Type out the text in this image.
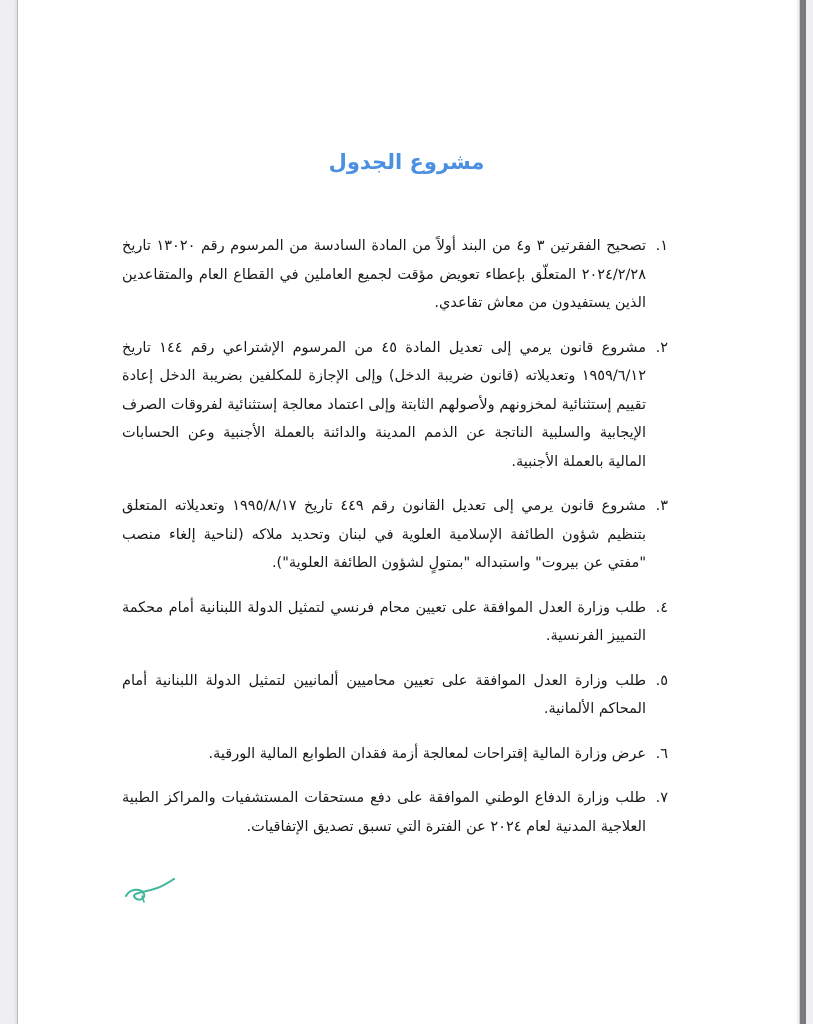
مشروع الجدول
١.
تصحيح الفقرتين ٣ و٤ من البند أولاً من المادة السادسة من المرسوم رقم ١٣٠٢٠ تاريخ ٢٠٢٤/٢/٢٨ المتعلّق بإعطاء تعويض مؤقت لجميع العاملين في القطاع العام والمتقاعدين الذين يستفيدون من معاش تقاعدي.
٢.
مشروع قانون يرمي إلى تعديل المادة ٤٥ من المرسوم الإشتراعي رقم ١٤٤ تاريخ ١٩٥٩/٦/١٢ وتعديلاته (قانون ضريبة الدخل) وإلى الإجازة للمكلفين بضريبة الدخل إعادة تقييم إستثنائية لمخزونهم ولأصولهم الثابتة وإلى اعتماد معالجة إستثنائية لفروقات الصرف الإيجابية والسلبية الناتجة عن الذمم المدينة والدائنة بالعملة الأجنبية وعن الحسابات المالية بالعملة الأجنبية.
٣.
مشروع قانون يرمي إلى تعديل القانون رقم ٤٤٩ تاريخ ١٩٩٥/٨/١٧ وتعديلاته المتعلق بتنظيم شؤون الطائفة الإسلامية العلوية في لبنان وتحديد ملاكه (لناحية إلغاء منصب "مفتي عن بيروت" واستبداله "بمتولٍ لشؤون الطائفة العلوية").
٤.
طلب وزارة العدل الموافقة على تعيين محام فرنسي لتمثيل الدولة اللبنانية أمام محكمة التمييز الفرنسية.
٥.
طلب وزارة العدل الموافقة على تعيين محاميين ألمانيين لتمثيل الدولة اللبنانية أمام المحاكم الألمانية.
٦.
عرض وزارة المالية إقتراحات لمعالجة أزمة فقدان الطوابع المالية الورقية.
٧.
طلب وزارة الدفاع الوطني الموافقة على دفع مستحقات المستشفيات والمراكز الطبية العلاجية المدنية لعام ٢٠٢٤ عن الفترة التي تسبق تصديق الإتفاقيات.
